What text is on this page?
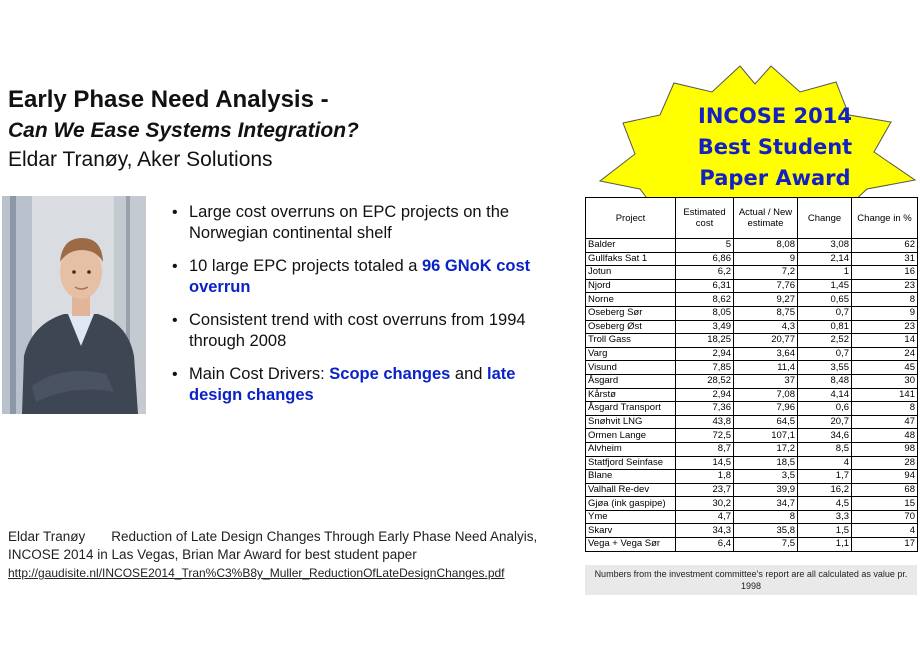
Early Phase Need Analysis -
Can We Ease Systems Integration?
Eldar Tranøy, Aker Solutions
• Large cost overruns on EPC projects on the Norwegian continental shelf
• 10 large EPC projects totaled a 96 GNoK cost overrun
• Consistent trend with cost overruns from 1994 through 2008
• Main Cost Drivers: Scope changes and late design changes
INCOSE 2014
Best Student
Paper Award
Project	Estimated cost	Actual / New estimate	Change	Change in %
Balder	5	8,08	3,08	62
Gullfaks Sat 1	6,86	9	2,14	31
Jotun	6,2	7,2	1	16
Njord	6,31	7,76	1,45	23
Norne	8,62	9,27	0,65	8
Oseberg Sør	8,05	8,75	0,7	9
Oseberg Øst	3,49	4,3	0,81	23
Troll Gass	18,25	20,77	2,52	14
Varg	2,94	3,64	0,7	24
Visund	7,85	11,4	3,55	45
Åsgard	28,52	37	8,48	30
Kårstø	2,94	7,08	4,14	141
Åsgard Transport	7,36	7,96	0,6	8
Snøhvit LNG	43,8	64,5	20,7	47
Ormen Lange	72,5	107,1	34,6	48
Alvheim	8,7	17,2	8,5	98
Statfjord Seinfase	14,5	18,5	4	28
Blane	1,8	3,5	1,7	94
Valhall Re-dev	23,7	39,9	16,2	68
Gjøa (ink gaspipe)	30,2	34,7	4,5	15
Yme	4,7	8	3,3	70
Skarv	34,3	35,8	1,5	4
Vega + Vega Sør	6,4	7,5	1,1	17
Numbers from the investment committee's report are all calculated as value pr. 1998
Eldar Tranøy Reduction of Late Design Changes Through Early Phase Need Analyis,
INCOSE 2014 in Las Vegas, Brian Mar Award for best student paper
http://gaudisite.nl/INCOSE2014_Tran%C3%B8y_Muller_ReductionOfLateDesignChanges.pdf
